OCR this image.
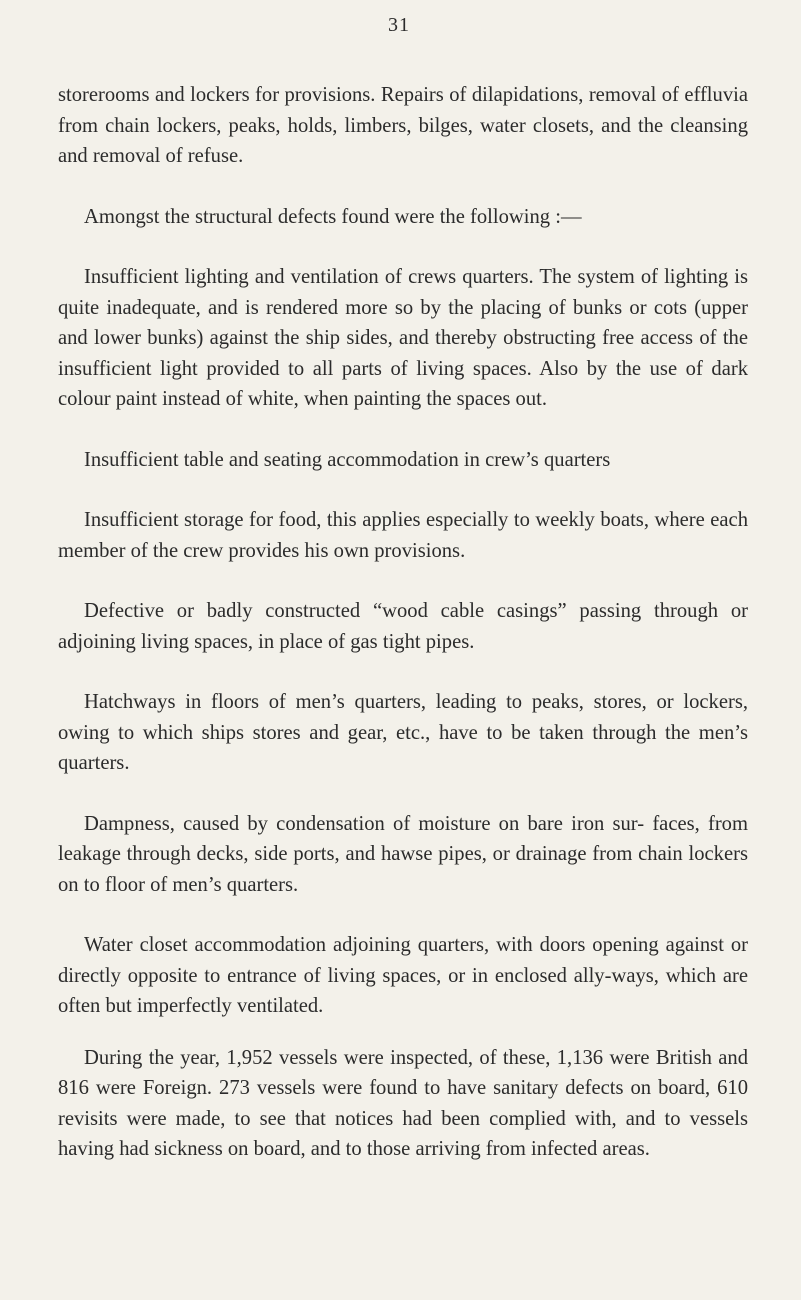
31

storerooms and lockers for provisions. Repairs of dilapidations, removal of effluvia from chain lockers, peaks, holds, limbers, bilges, water closets, and the cleansing and removal of refuse.

Amongst the structural defects found were the following :—

Insufficient lighting and ventilation of crews quarters. The system of lighting is quite inadequate, and is rendered more so by the placing of bunks or cots (upper and lower bunks) against the ship sides, and thereby obstructing free access of the insufficient light provided to all parts of living spaces. Also by the use of dark colour paint instead of white, when painting the spaces out.

Insufficient table and seating accommodation in crew’s quarters

Insufficient storage for food, this applies especially to weekly boats, where each member of the crew provides his own provisions.

Defective or badly constructed “wood cable casings” passing through or adjoining living spaces, in place of gas tight pipes.

Hatchways in floors of men’s quarters, leading to peaks, stores, or lockers, owing to which ships stores and gear, etc., have to be taken through the men’s quarters.

Dampness, caused by condensation of moisture on bare iron sur- faces, from leakage through decks, side ports, and hawse pipes, or drainage from chain lockers on to floor of men’s quarters.

Water closet accommodation adjoining quarters, with doors opening against or directly opposite to entrance of living spaces, or in enclosed ally-ways, which are often but imperfectly ventilated.

During the year, 1,952 vessels were inspected, of these, 1,136 were British and 816 were Foreign. 273 vessels were found to have sanitary defects on board, 610 revisits were made, to see that notices had been complied with, and to vessels having had sickness on board, and to those arriving from infected areas.
